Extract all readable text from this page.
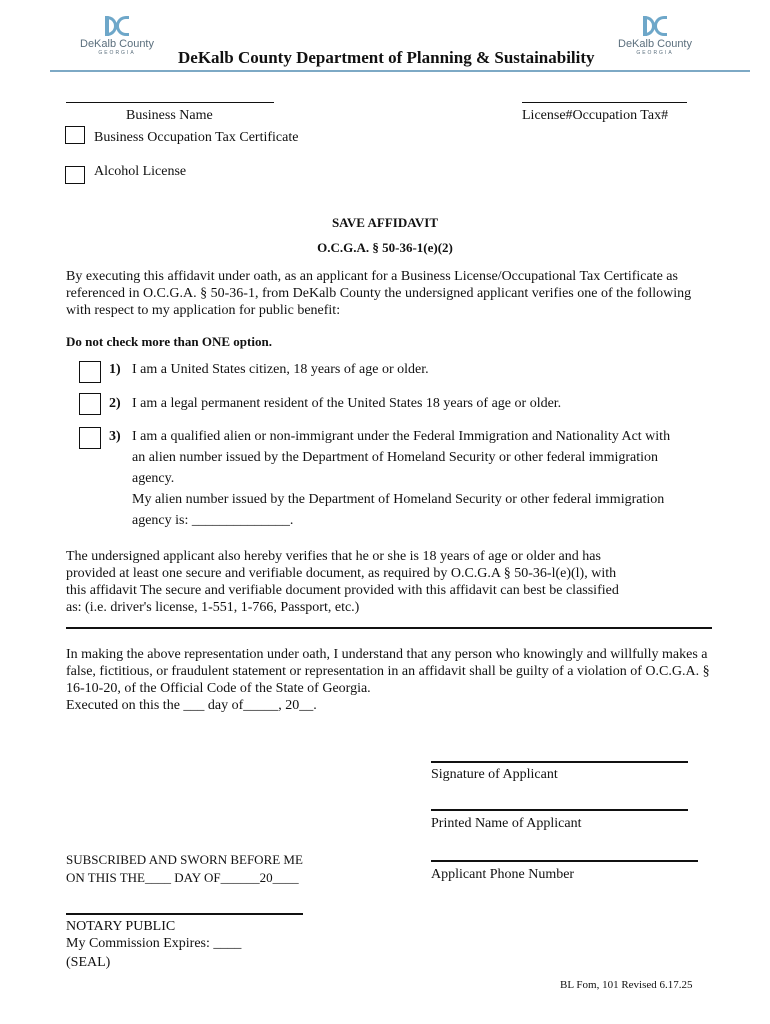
DeKalb County
GEORGIA
DeKalb County
GEORGIA
DeKalb County Department of Planning & Sustainability
Business Name	License#Occupation Tax#
Business Occupation Tax Certificate
Alcohol License
SAVE AFFIDAVIT
O.C.G.A. § 50-36-1(e)(2)
By executing this affidavit under oath, as an applicant for a Business License/Occupational Tax Certificate as referenced in O.C.G.A. § 50-36-1, from DeKalb County the undersigned applicant verifies one of the following with respect to my application for public benefit:
Do not check more than ONE option.
1) I am a United States citizen, 18 years of age or older.
2) I am a legal permanent resident of the United States 18 years of age or older.
3) I am a qualified alien or non-immigrant under the Federal Immigration and Nationality Act with
an alien number issued by the Department of Homeland Security or other federal immigration
agency.
My alien number issued by the Department of Homeland Security or other federal immigration
agency is: ______________.
The undersigned applicant also hereby verifies that he or she is 18 years of age or older and has provided at least one secure and verifiable document, as required by O.C.G.A § 50-36-l(e)(l), with this affidavit The secure and verifiable document provided with this affidavit can best be classified as: (i.e. driver's license, 1-551, 1-766, Passport, etc.)
In making the above representation under oath, I understand that any person who knowingly and willfully makes a false, fictitious, or fraudulent statement or representation in an affidavit shall be guilty of a violation of O.C.G.A. § 16-10-20, of the Official Code of the State of Georgia.
Executed on this the ___ day of_____, 20__.
Signature of Applicant
Printed Name of Applicant
Applicant Phone Number
SUBSCRIBED AND SWORN BEFORE ME
ON THIS THE____ DAY OF______20____
NOTARY PUBLIC
My Commission Expires: ____
(SEAL)
BL Fom, 101 Revised 6.17.25
